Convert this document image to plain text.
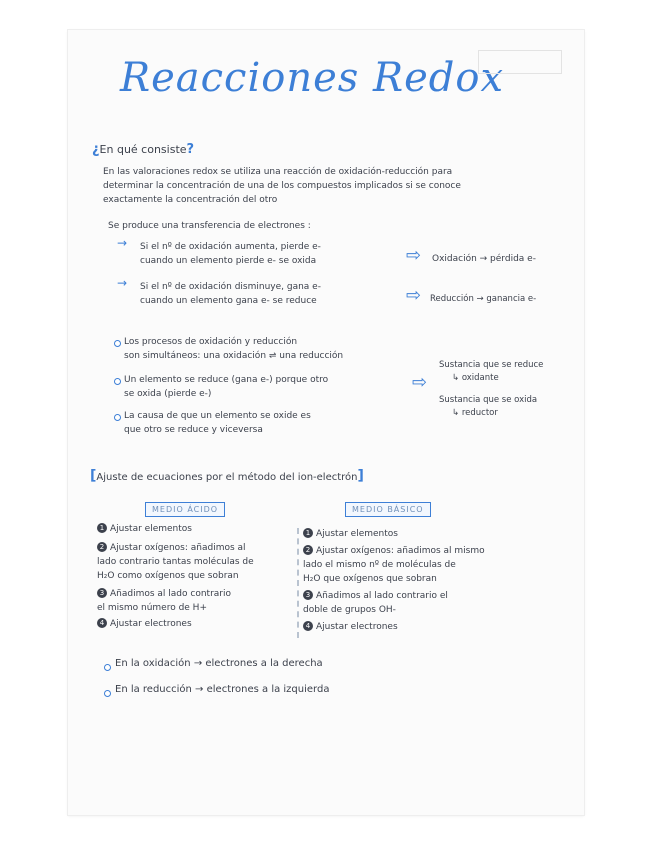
Reacciones Redox
¿En qué consiste?
En las valoraciones redox se utiliza una reacción de oxidación-reducción para
determinar la concentración de una de los compuestos implicados si se conoce
exactamente la concentración del otro
Se produce una transferencia de electrones :
→ Si el nº de oxidación aumenta, pierde e-
cuando un elemento pierde e- se oxida	⇨ Oxidación → pérdida e-
→ Si el nº de oxidación disminuye, gana e-
cuando un elemento gana e- se reduce	⇨ Reducción → ganancia e-
Los procesos de oxidación y reducción
son simultáneos: una oxidación ⇌ una reducción
Un elemento se reduce (gana e-) porque otro
se oxida (pierde e-)
La causa de que un elemento se oxide es
que otro se reduce y viceversa
⇨
Sustancia que se reduce
↳ oxidante
Sustancia que se oxida
↳ reductor
[Ajuste de ecuaciones por el método del ion-electrón]
MEDIO ÁCIDO	MEDIO BÁSICO
1 Ajustar elementos
2 Ajustar oxígenos: añadimos al
lado contrario tantas moléculas de
H₂O como oxígenos que sobran
3 Añadimos al lado contrario
el mismo número de H+
4 Ajustar electrones
1 Ajustar elementos
2 Ajustar oxígenos: añadimos al mismo
lado el mismo nº de moléculas de
H₂O que oxígenos que sobran
3 Añadimos al lado contrario el
doble de grupos OH-
4 Ajustar electrones
En la oxidación → electrones a la derecha
En la reducción → electrones a la izquierda
